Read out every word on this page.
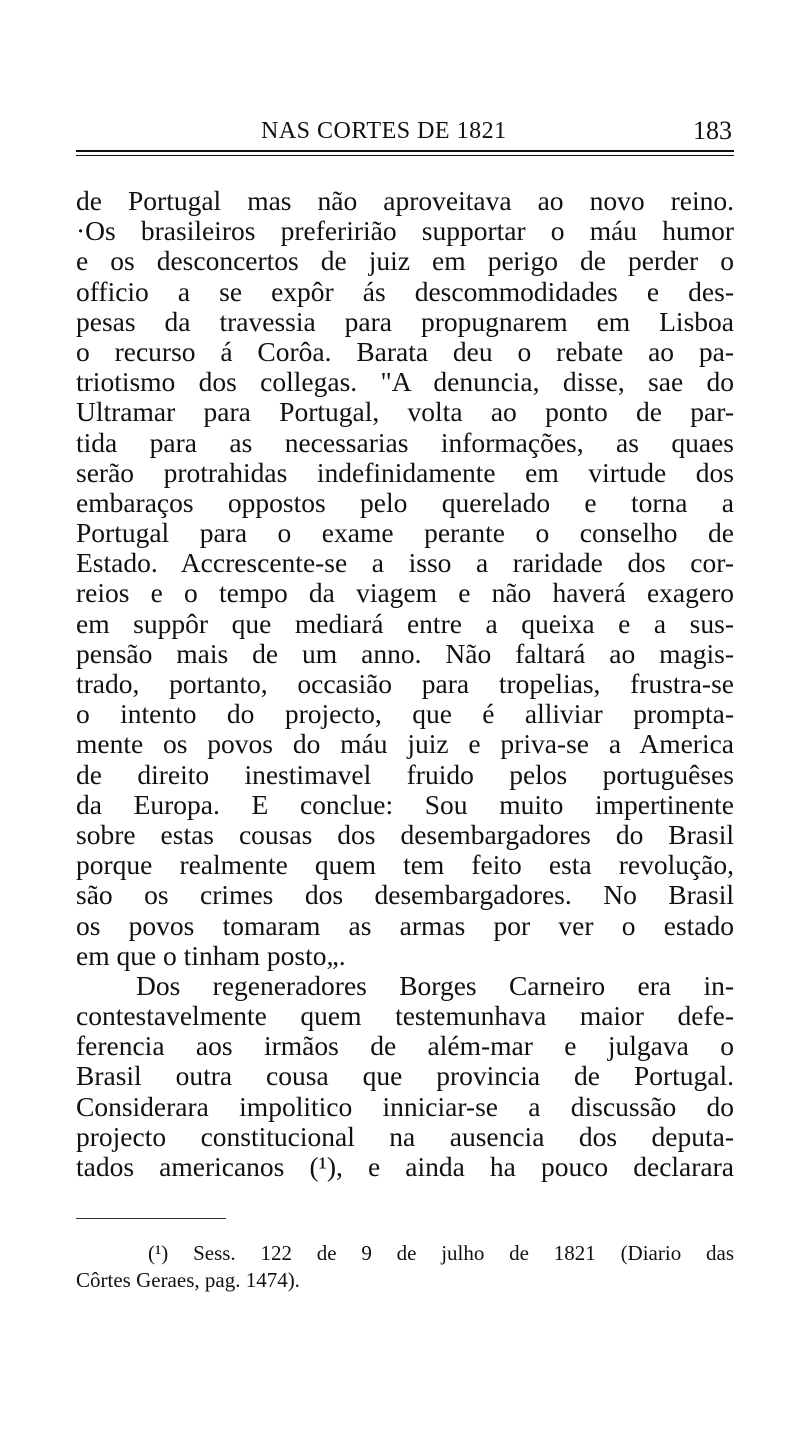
NAS CORTES DE 1821	183
de Portugal mas não aproveitava ao novo reino.
·Os brasileiros preferirião supportar o máu humor
e os desconcertos de juiz em perigo de perder o
officio a se expôr ás descommodidades e des-
pesas da travessia para propugnarem em Lisboa
o recurso á Corôa. Barata deu o rebate ao pa-
triotismo dos collegas. "A denuncia, disse, sae do
Ultramar para Portugal, volta ao ponto de par-
tida para as necessarias informações, as quaes
serão protrahidas indefinidamente em virtude dos
embaraços oppostos pelo querelado e torna a
Portugal para o exame perante o conselho de
Estado. Accrescente-se a isso a raridade dos cor-
reios e o tempo da viagem e não haverá exagero
em suppôr que mediará entre a queixa e a sus-
pensão mais de um anno. Não faltará ao magis-
trado, portanto, occasião para tropelias, frustra-se
o intento do projecto, que é alliviar prompta-
mente os povos do máu juiz e priva-se a America
de direito inestimavel fruido pelos portuguêses
da Europa. E conclue: Sou muito impertinente
sobre estas cousas dos desembargadores do Brasil
porque realmente quem tem feito esta revolução,
são os crimes dos desembargadores. No Brasil
os povos tomaram as armas por ver o estado
em que o tinham posto„.
Dos regeneradores Borges Carneiro era in-
contestavelmente quem testemunhava maior defe-
ferencia aos irmãos de além-mar e julgava o
Brasil outra cousa que provincia de Portugal.
Considerara impolitico inniciar-se a discussão do
projecto constitucional na ausencia dos deputa-
tados americanos (¹), e ainda ha pouco declarara
(¹) Sess. 122 de 9 de julho de 1821 (Diario das
Côrtes Geraes, pag. 1474).
